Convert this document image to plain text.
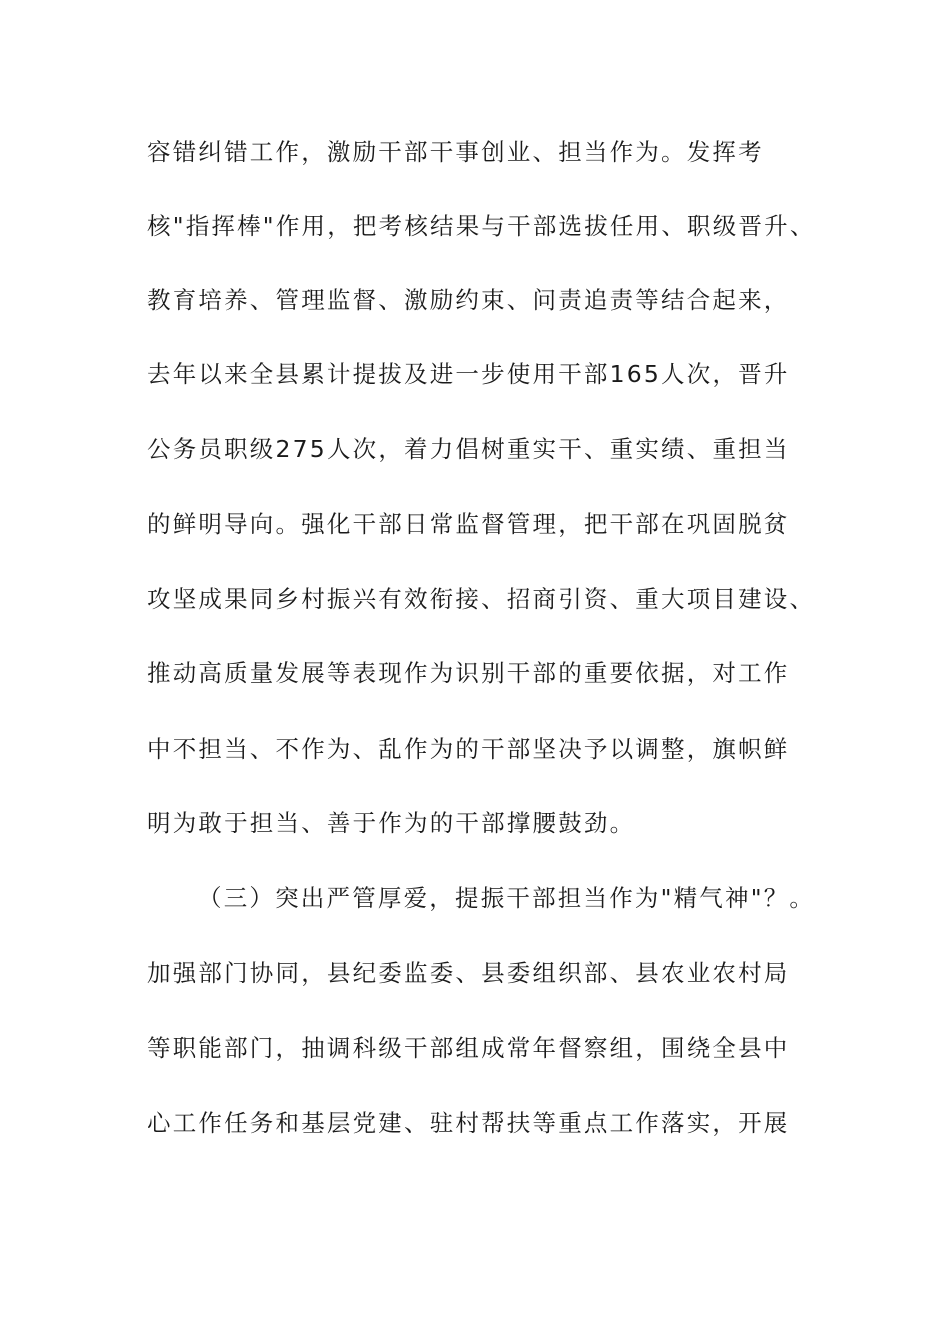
容错纠错工作，激励干部干事创业、担当作为。发挥考
核"指挥棒"作用，把考核结果与干部选拔任用、职级晋升、
教育培养、管理监督、激励约束、问责追责等结合起来，
去年以来全县累计提拔及进一步使用干部165人次，晋升
公务员职级275人次，着力倡树重实干、重实绩、重担当
的鲜明导向。强化干部日常监督管理，把干部在巩固脱贫
攻坚成果同乡村振兴有效衔接、招商引资、重大项目建设、
推动高质量发展等表现作为识别干部的重要依据，对工作
中不担当、不作为、乱作为的干部坚决予以调整，旗帜鲜
明为敢于担当、善于作为的干部撑腰鼓劲。
（三）突出严管厚爱，提振干部担当作为"精气神"？。
加强部门协同，县纪委监委、县委组织部、县农业农村局
等职能部门，抽调科级干部组成常年督察组，围绕全县中
心工作任务和基层党建、驻村帮扶等重点工作落实，开展
